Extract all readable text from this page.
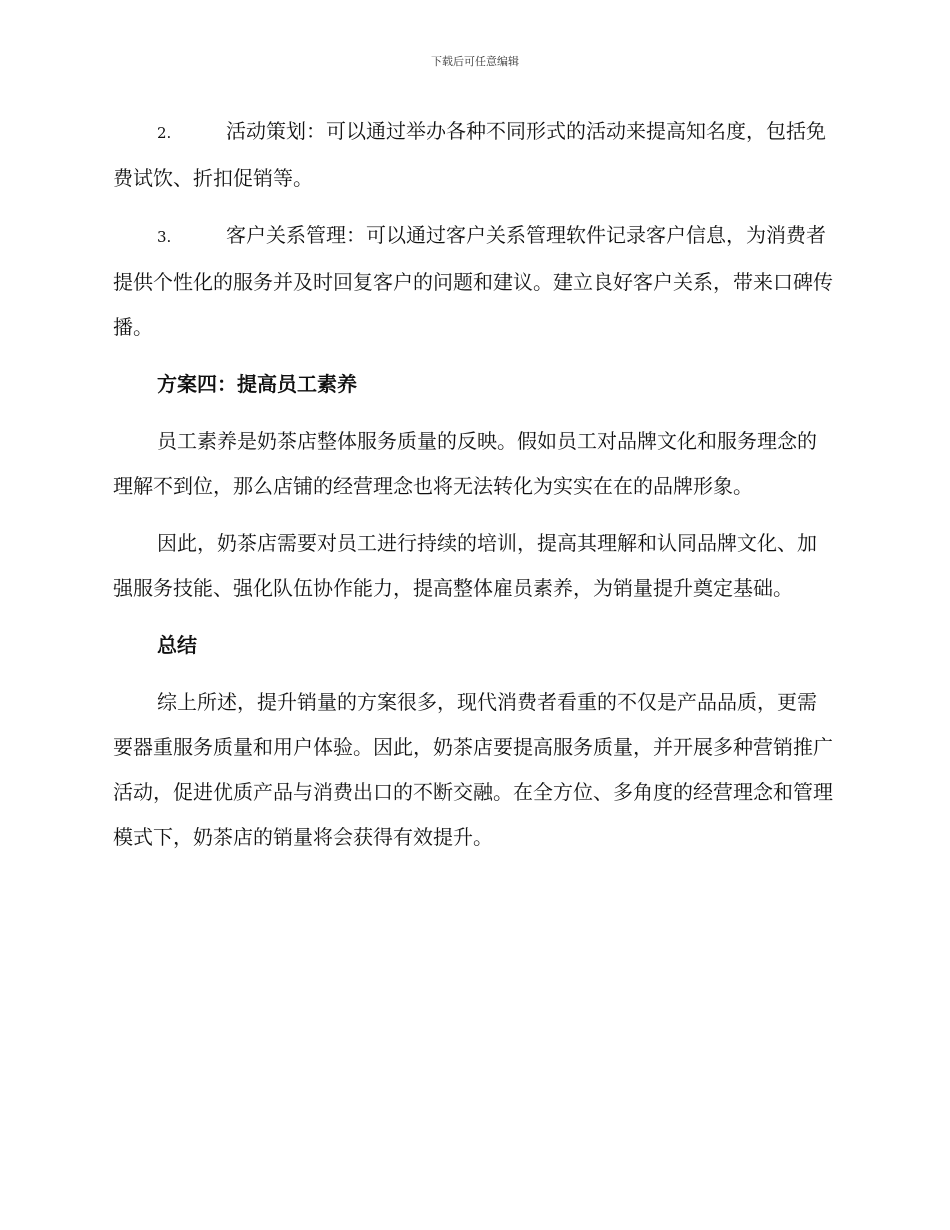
下载后可任意编辑

2.	活动策划：可以通过举办各种不同形式的活动来提高知名度，包括免费试饮、折扣促销等。

3.	客户关系管理：可以通过客户关系管理软件记录客户信息，为消费者提供个性化的服务并及时回复客户的问题和建议。建立良好客户关系，带来口碑传播。

方案四：提高员工素养

员工素养是奶茶店整体服务质量的反映。假如员工对品牌文化和服务理念的理解不到位，那么店铺的经营理念也将无法转化为实实在在的品牌形象。

因此，奶茶店需要对员工进行持续的培训，提高其理解和认同品牌文化、加强服务技能、强化队伍协作能力，提高整体雇员素养，为销量提升奠定基础。

总结

综上所述，提升销量的方案很多，现代消费者看重的不仅是产品品质，更需要器重服务质量和用户体验。因此，奶茶店要提高服务质量，并开展多种营销推广活动，促进优质产品与消费出口的不断交融。在全方位、多角度的经营理念和管理模式下，奶茶店的销量将会获得有效提升。
